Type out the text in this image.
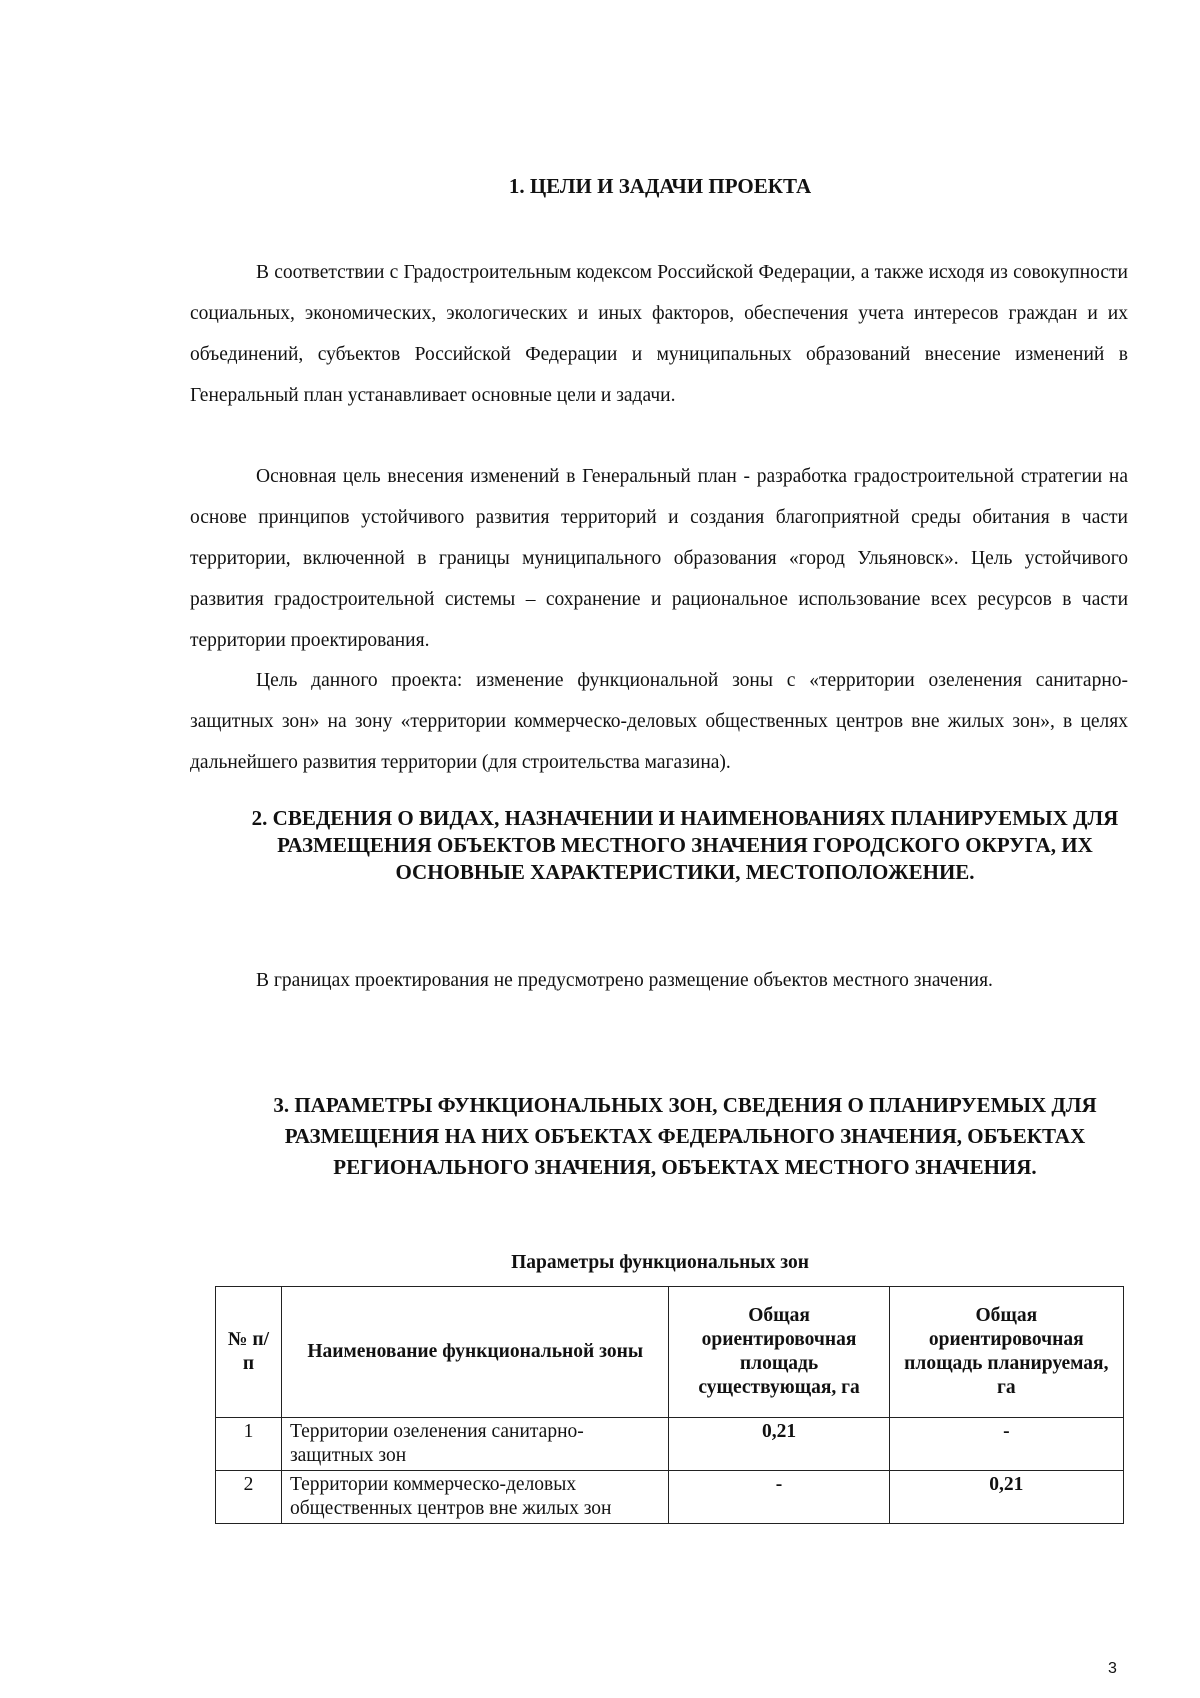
1. ЦЕЛИ И ЗАДАЧИ ПРОЕКТА

В соответствии с Градостроительным кодексом Российской Федерации, а также исходя из совокупности социальных, экономических, экологических и иных факторов, обеспечения учета интересов граждан и их объединений, субъектов Российской Федерации и муниципальных образований внесение изменений в Генеральный план устанавливает основные цели и задачи.

Основная цель внесения изменений в Генеральный план - разработка градостроительной стратегии на основе принципов устойчивого развития территорий и создания благоприятной среды обитания в части территории, включенной в границы муниципального образования «город Ульяновск». Цель устойчивого развития градостроительной системы – сохранение и рациональное использование всех ресурсов в части территории проектирования.

Цель данного проекта: изменение функциональной зоны с «территории озеленения санитарно-защитных зон» на зону «территории коммерческо-деловых общественных центров вне жилых зон», в целях дальнейшего развития территории (для строительства магазина).

2. СВЕДЕНИЯ О ВИДАХ, НАЗНАЧЕНИИ И НАИМЕНОВАНИЯХ ПЛАНИРУЕМЫХ ДЛЯ РАЗМЕЩЕНИЯ ОБЪЕКТОВ МЕСТНОГО ЗНАЧЕНИЯ ГОРОДСКОГО ОКРУГА, ИХ ОСНОВНЫЕ ХАРАКТЕРИСТИКИ, МЕСТОПОЛОЖЕНИЕ.

В границах проектирования не предусмотрено размещение объектов местного значения.

3. ПАРАМЕТРЫ ФУНКЦИОНАЛЬНЫХ ЗОН, СВЕДЕНИЯ О ПЛАНИРУЕМЫХ ДЛЯ РАЗМЕЩЕНИЯ НА НИХ ОБЪЕКТАХ ФЕДЕРАЛЬНОГО ЗНАЧЕНИЯ, ОБЪЕКТАХ РЕГИОНАЛЬНОГО ЗНАЧЕНИЯ, ОБЪЕКТАХ МЕСТНОГО ЗНАЧЕНИЯ.
Параметры функциональных зон
№ п/п	Наименование функциональной зоны	Общая ориентировочная площадь существующая, га	Общая ориентировочная площадь планируемая, га
1	Территории озеленения санитарно-защитных зон	0,21	-
2	Территории коммерческо-деловых общественных центров вне жилых зон	-	0,21
3
